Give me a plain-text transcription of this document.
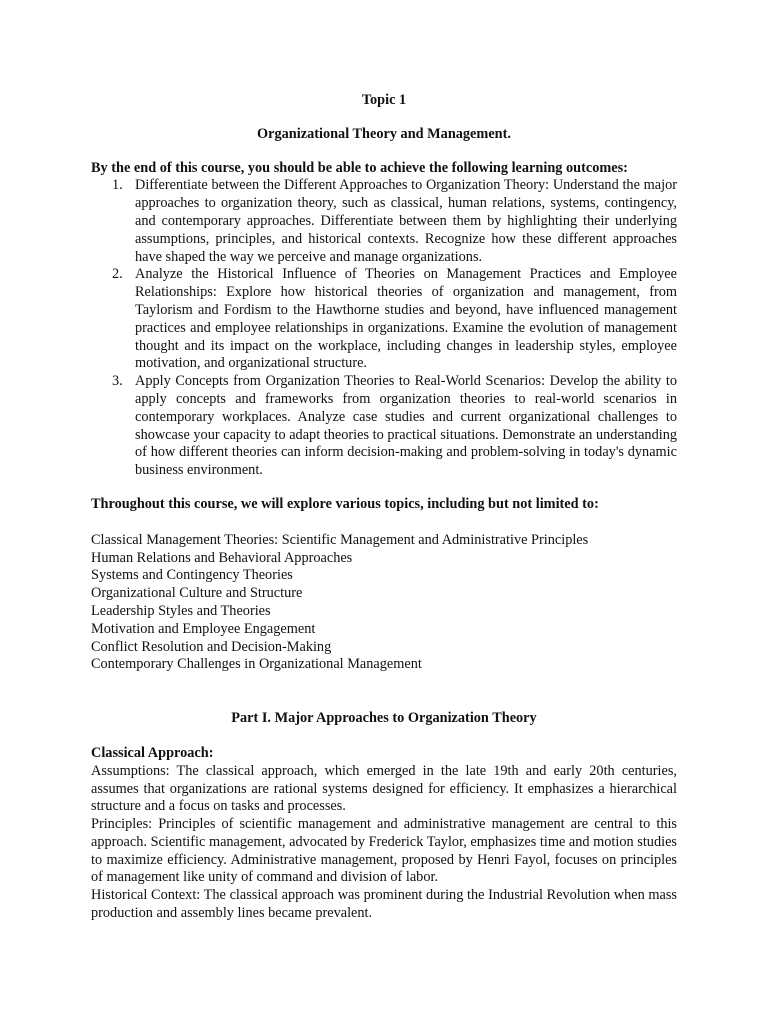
Topic 1

Organizational Theory and Management.

By the end of this course, you should be able to achieve the following learning outcomes:

1. Differentiate between the Different Approaches to Organization Theory: Understand the major approaches to organization theory, such as classical, human relations, systems, contingency, and contemporary approaches. Differentiate between them by highlighting their underlying assumptions, principles, and historical contexts. Recognize how these different approaches have shaped the way we perceive and manage organizations.
2. Analyze the Historical Influence of Theories on Management Practices and Employee Relationships: Explore how historical theories of organization and management, from Taylorism and Fordism to the Hawthorne studies and beyond, have influenced management practices and employee relationships in organizations. Examine the evolution of management thought and its impact on the workplace, including changes in leadership styles, employee motivation, and organizational structure.
3. Apply Concepts from Organization Theories to Real-World Scenarios: Develop the ability to apply concepts and frameworks from organization theories to real-world scenarios in contemporary workplaces. Analyze case studies and current organizational challenges to showcase your capacity to adapt theories to practical situations. Demonstrate an understanding of how different theories can inform decision-making and problem-solving in today's dynamic business environment.

Throughout this course, we will explore various topics, including but not limited to:

Classical Management Theories: Scientific Management and Administrative Principles
Human Relations and Behavioral Approaches
Systems and Contingency Theories
Organizational Culture and Structure
Leadership Styles and Theories
Motivation and Employee Engagement
Conflict Resolution and Decision-Making
Contemporary Challenges in Organizational Management

Part I. Major Approaches to Organization Theory

Classical Approach:

Assumptions: The classical approach, which emerged in the late 19th and early 20th centuries, assumes that organizations are rational systems designed for efficiency. It emphasizes a hierarchical structure and a focus on tasks and processes.

Principles: Principles of scientific management and administrative management are central to this approach. Scientific management, advocated by Frederick Taylor, emphasizes time and motion studies to maximize efficiency. Administrative management, proposed by Henri Fayol, focuses on principles of management like unity of command and division of labor.

Historical Context: The classical approach was prominent during the Industrial Revolution when mass production and assembly lines became prevalent.
